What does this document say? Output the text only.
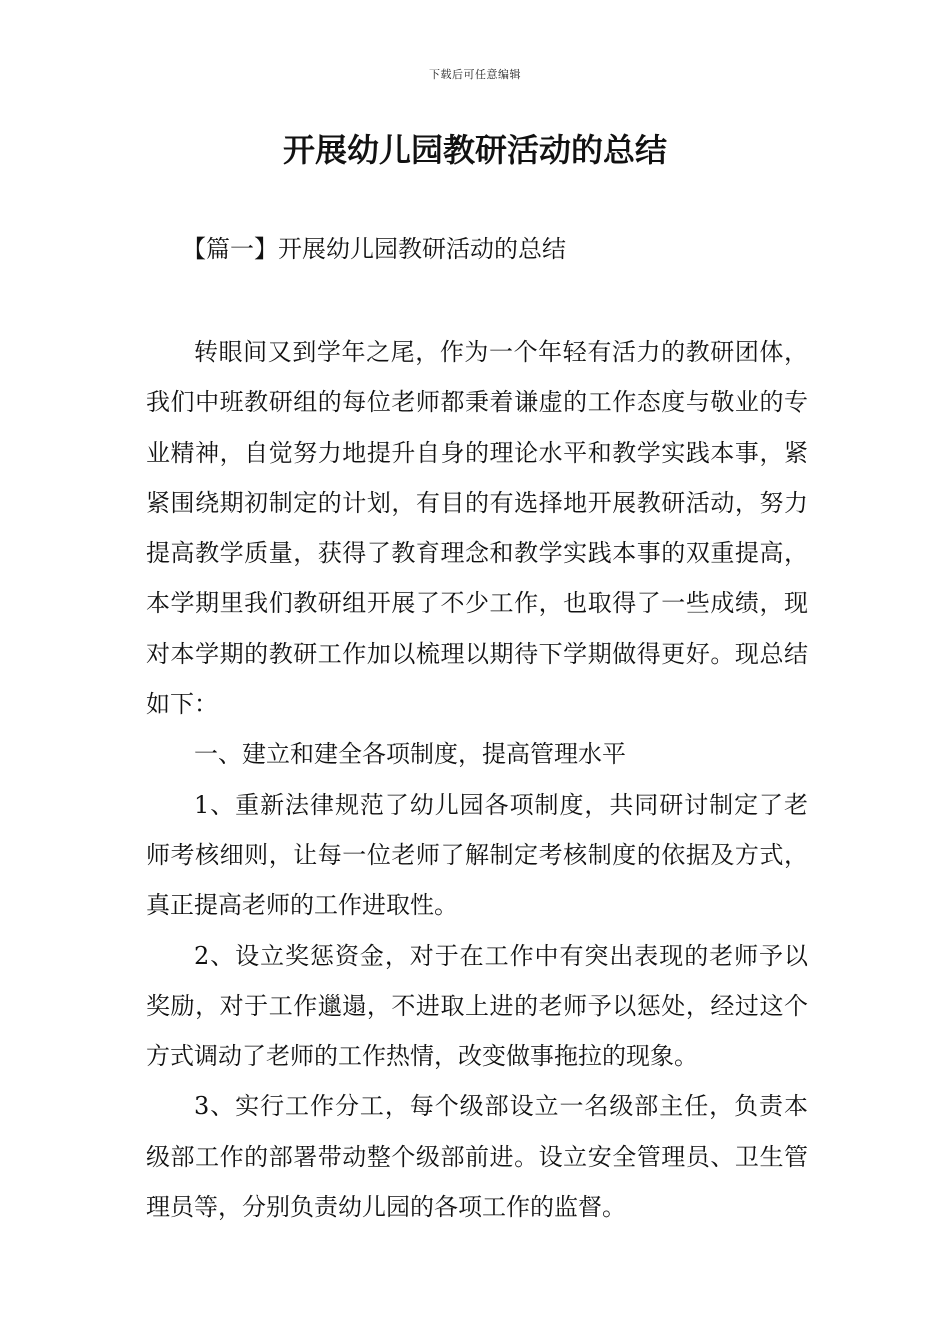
下载后可任意编辑
开展幼儿园教研活动的总结
【篇一】开展幼儿园教研活动的总结

转眼间又到学年之尾，作为一个年轻有活力的教研团体，我们中班教研组的每位老师都秉着谦虚的工作态度与敬业的专业精神，自觉努力地提升自身的理论水平和教学实践本事，紧紧围绕期初制定的计划，有目的有选择地开展教研活动，努力提高教学质量，获得了教育理念和教学实践本事的双重提高，本学期里我们教研组开展了不少工作，也取得了一些成绩，现对本学期的教研工作加以梳理以期待下学期做得更好。现总结如下：

一、建立和建全各项制度，提高管理水平

1、重新法律规范了幼儿园各项制度，共同研讨制定了老师考核细则，让每一位老师了解制定考核制度的依据及方式，真正提高老师的工作进取性。

2、设立奖惩资金，对于在工作中有突出表现的老师予以奖励，对于工作邋遢，不进取上进的老师予以惩处，经过这个方式调动了老师的工作热情，改变做事拖拉的现象。

3、实行工作分工，每个级部设立一名级部主任，负责本级部工作的部署带动整个级部前进。设立安全管理员、卫生管理员等，分别负责幼儿园的各项工作的监督。
